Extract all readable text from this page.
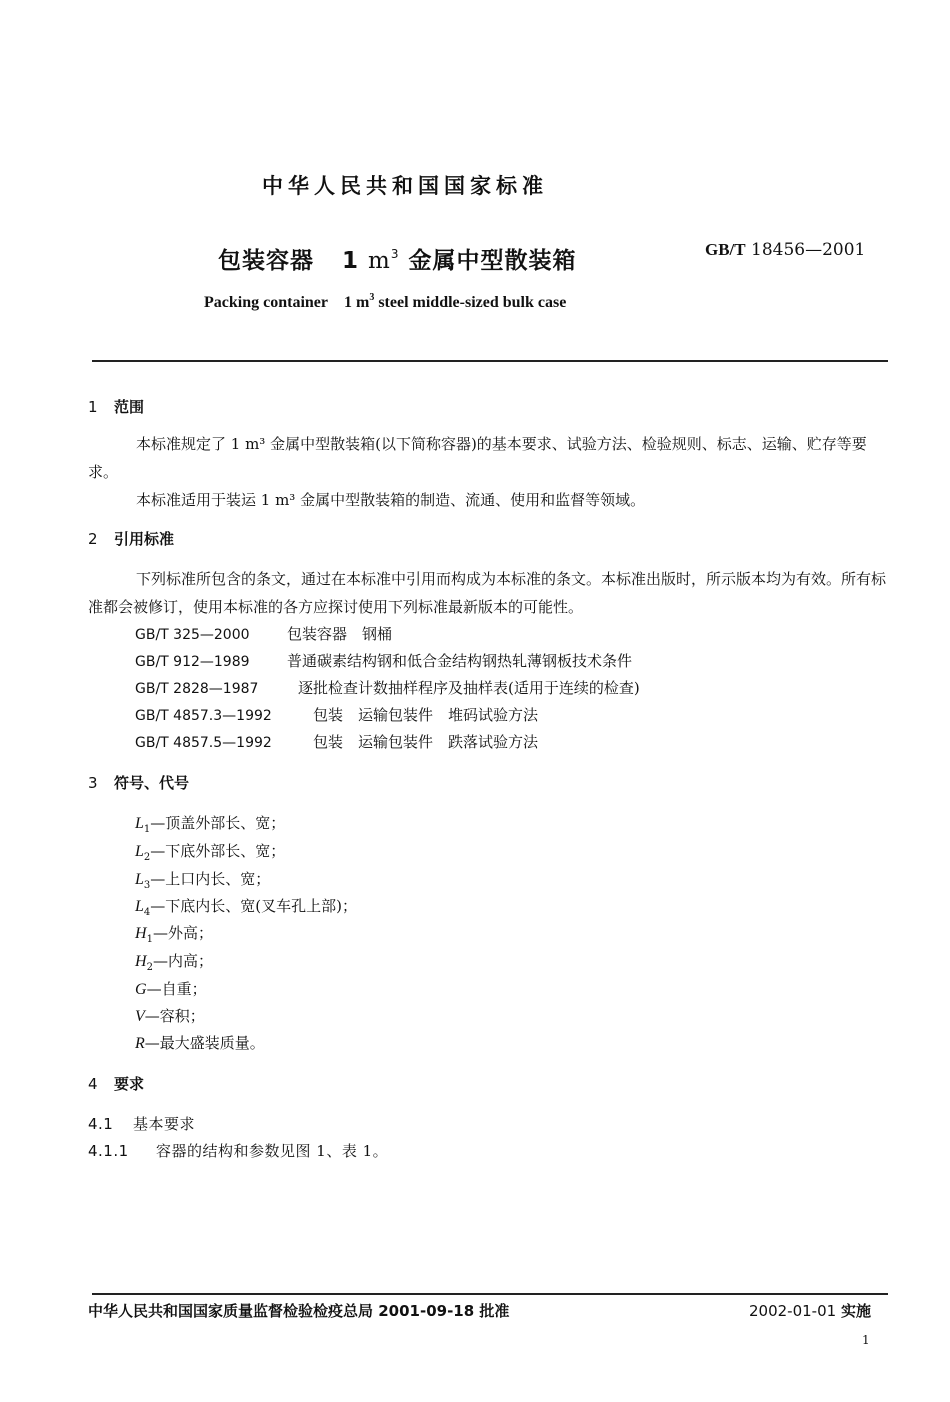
中华人民共和国国家标准
包装容器 1 $m^3$ 金属中型散装箱	GB/T 18456—2001
Packing container 1 $m^3$ steel middle-sized bulk case
1 范围
本标准规定了 1 m³ 金属中型散装箱(以下简称容器)的基本要求、试验方法、检验规则、标志、运输、贮存等要求。
本标准适用于装运 1 m³ 金属中型散装箱的制造、流通、使用和监督等领域。
2 引用标准
下列标准所包含的条文，通过在本标准中引用而构成为本标准的条文。本标准出版时，所示版本均为有效。所有标准都会被修订，使用本标准的各方应探讨使用下列标准最新版本的可能性。
GB/T 325—2000 包装容器　钢桶
GB/T 912—1989 普通碳素结构钢和低合金结构钢热轧薄钢板技术条件
GB/T 2828—1987	逐批检查计数抽样程序及抽样表(适用于连续的检查)
GB/T 4857.3—1992	包装　运输包装件　堆码试验方法
GB/T 4857.5—1992	包装　运输包装件　跌落试验方法
3 符号、代号
$L_1—$顶盖外部长、宽；
$L_2—$下底外部长、宽；
$L_3—$上口内长、宽；
$L_4—$下底内长、宽(叉车孔上部)；
$H_1—$外高；
$H_2—$内高；
G—自重；
V—容积；
R—最大盛装质量。
4 要求
4.1 基本要求
4.1.1 容器的结构和参数见图 1、表 1。
中华人民共和国国家质量监督检验检疫总局 2001-09-18 批准	2002-01-01 实施
1
